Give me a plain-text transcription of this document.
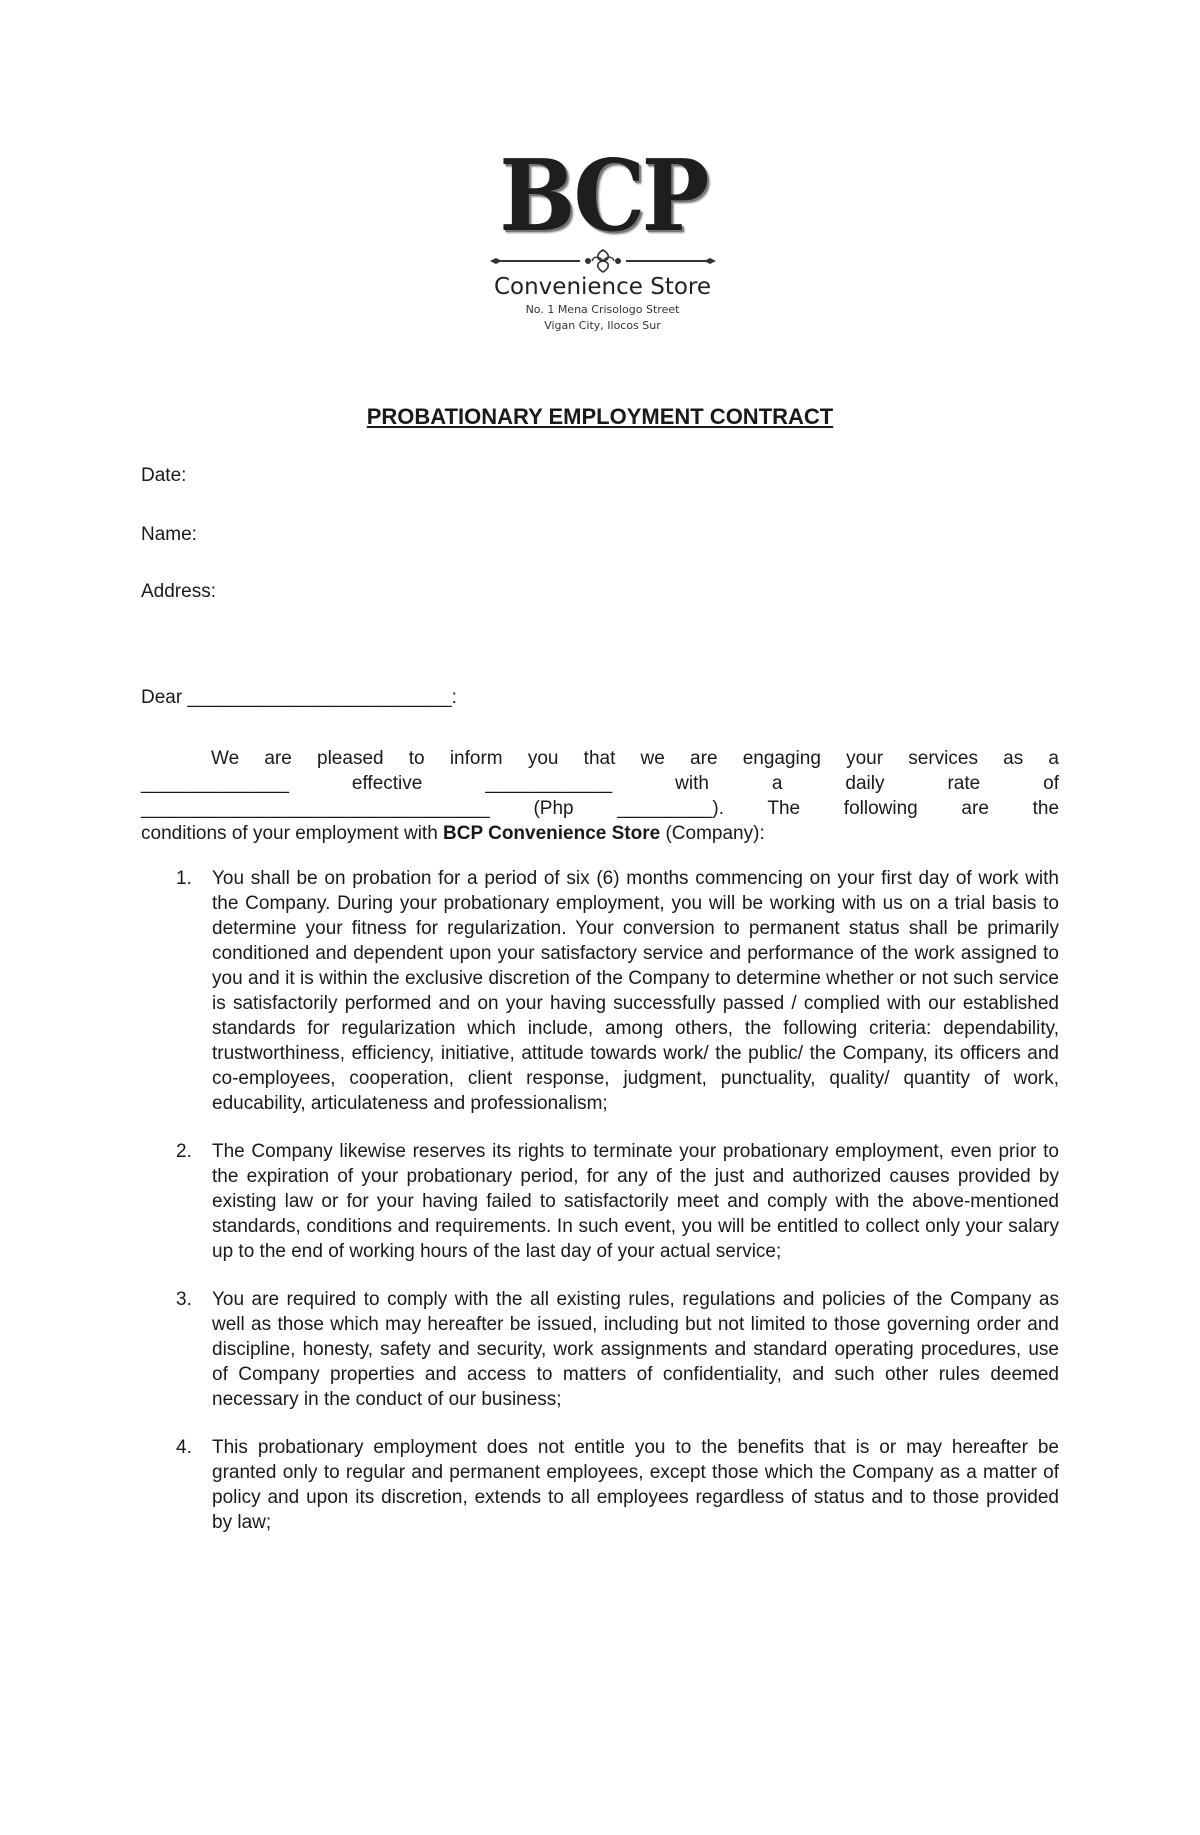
BCP
Convenience Store
No. 1 Mena Crisologo Street
Vigan City, Ilocos Sur
PROBATIONARY EMPLOYMENT CONTRACT
Date:
Name:
Address:
Dear _________________________:
We are pleased to inform you that we are engaging your services as a
______________	effective	____________	with a daily rate of
_________________________________ (Php _________). The following are the
conditions of your employment with BCP Convenience Store (Company):
1. You shall be on probation for a period of six (6) months commencing on your first day of work with the Company. During your probationary employment, you will be working with us on a trial basis to determine your fitness for regularization. Your conversion to permanent status shall be primarily conditioned and dependent upon your satisfactory service and performance of the work assigned to you and it is within the exclusive discretion of the Company to determine whether or not such service is satisfactorily performed and on your having successfully passed / complied with our established standards for regularization which include, among others, the following criteria: dependability, trustworthiness, efficiency, initiative, attitude towards work/ the public/ the Company, its officers and co-employees, cooperation, client response, judgment, punctuality, quality/ quantity of work, educability, articulateness and professionalism;
2. The Company likewise reserves its rights to terminate your probationary employment, even prior to the expiration of your probationary period, for any of the just and authorized causes provided by existing law or for your having failed to satisfactorily meet and comply with the above-mentioned standards, conditions and requirements. In such event, you will be entitled to collect only your salary up to the end of working hours of the last day of your actual service;
3. You are required to comply with the all existing rules, regulations and policies of the Company as well as those which may hereafter be issued, including but not limited to those governing order and discipline, honesty, safety and security, work assignments and standard operating procedures, use of Company properties and access to matters of confidentiality, and such other rules deemed necessary in the conduct of our business;
4. This probationary employment does not entitle you to the benefits that is or may hereafter be granted only to regular and permanent employees, except those which the Company as a matter of policy and upon its discretion, extends to all employees regardless of status and to those provided by law;
